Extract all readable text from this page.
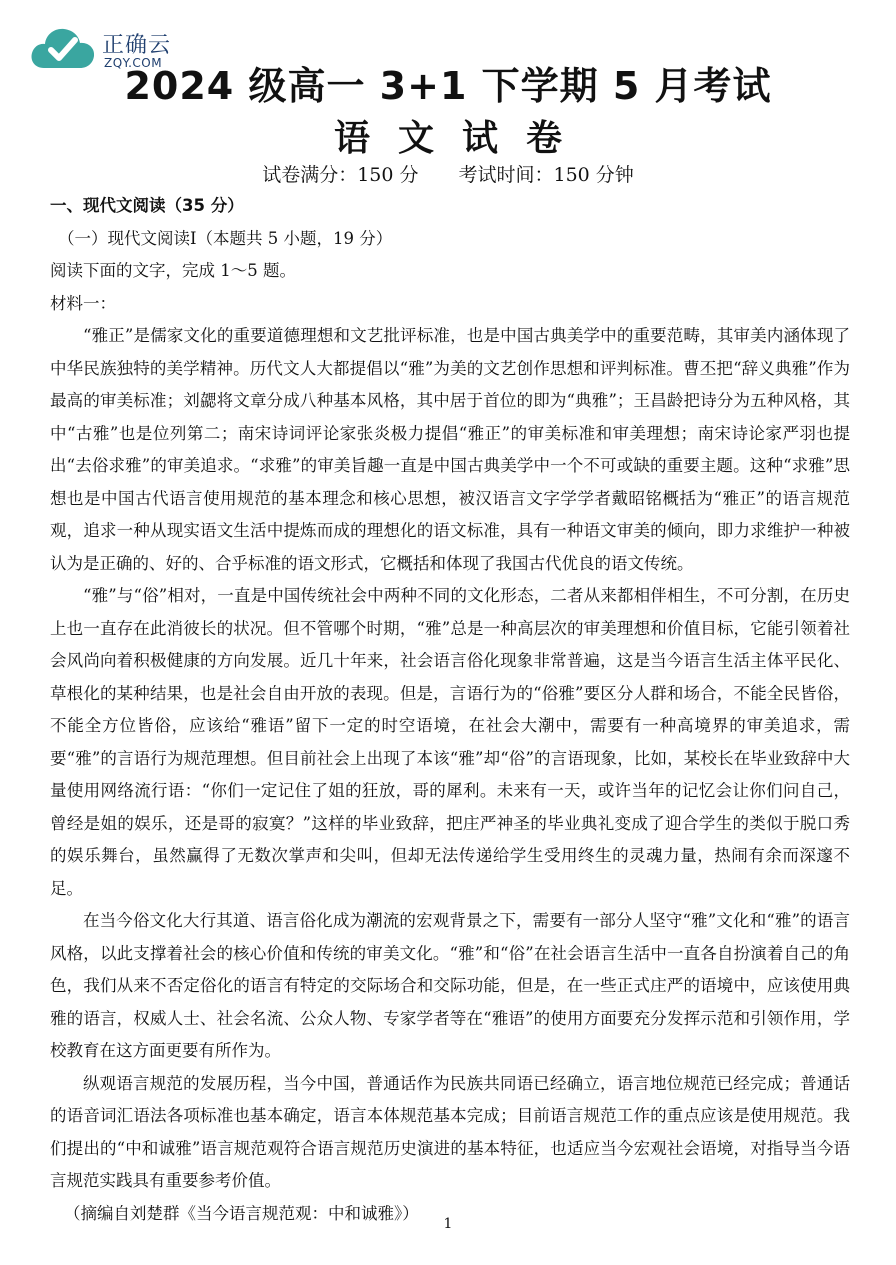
正确云
ZQY.COM
2024 级高一 3+1 下学期 5 月考试
语文试卷
试卷满分：150 分 考试时间：150 分钟

一、现代文阅读（35 分）

（一）现代文阅读Ⅰ（本题共 5 小题，19 分）

阅读下面的文字，完成 1～5 题。

材料一：

“雅正”是儒家文化的重要道德理想和文艺批评标准，也是中国古典美学中的重要范畴，其审美内涵体现了中华民族独特的美学精神。历代文人大都提倡以“雅”为美的文艺创作思想和评判标准。曹丕把“辞义典雅”作为最高的审美标准；刘勰将文章分成八种基本风格，其中居于首位的即为“典雅”；王昌龄把诗分为五种风格，其中“古雅”也是位列第二；南宋诗词评论家张炎极力提倡“雅正”的审美标准和审美理想；南宋诗论家严羽也提出“去俗求雅”的审美追求。“求雅”的审美旨趣一直是中国古典美学中一个不可或缺的重要主题。这种“求雅”思想也是中国古代语言使用规范的基本理念和核心思想，被汉语言文字学学者戴昭铭概括为“雅正”的语言规范观，追求一种从现实语文生活中提炼而成的理想化的语文标准，具有一种语文审美的倾向，即力求维护一种被认为是正确的、好的、合乎标准的语文形式，它概括和体现了我国古代优良的语文传统。

“雅”与“俗”相对，一直是中国传统社会中两种不同的文化形态，二者从来都相伴相生，不可分割，在历史上也一直存在此消彼长的状况。但不管哪个时期，“雅”总是一种高层次的审美理想和价值目标，它能引领着社会风尚向着积极健康的方向发展。近几十年来，社会语言俗化现象非常普遍，这是当今语言生活主体平民化、草根化的某种结果，也是社会自由开放的表现。但是，言语行为的“俗雅”要区分人群和场合，不能全民皆俗，不能全方位皆俗，应该给“雅语”留下一定的时空语境，在社会大潮中，需要有一种高境界的审美追求，需要“雅”的言语行为规范理想。但目前社会上出现了本该“雅”却“俗”的言语现象，比如，某校长在毕业致辞中大量使用网络流行语：“你们一定记住了姐的狂放，哥的犀利。未来有一天，或许当年的记忆会让你们问自己，曾经是姐的娱乐，还是哥的寂寞？”这样的毕业致辞，把庄严神圣的毕业典礼变成了迎合学生的类似于脱口秀的娱乐舞台，虽然赢得了无数次掌声和尖叫，但却无法传递给学生受用终生的灵魂力量，热闹有余而深邃不足。

在当今俗文化大行其道、语言俗化成为潮流的宏观背景之下，需要有一部分人坚守“雅”文化和“雅”的语言风格，以此支撑着社会的核心价值和传统的审美文化。“雅”和“俗”在社会语言生活中一直各自扮演着自己的角色，我们从来不否定俗化的语言有特定的交际场合和交际功能，但是，在一些正式庄严的语境中，应该使用典雅的语言，权威人士、社会名流、公众人物、专家学者等在“雅语”的使用方面要充分发挥示范和引领作用，学校教育在这方面更要有所作为。

纵观语言规范的发展历程，当今中国，普通话作为民族共同语已经确立，语言地位规范已经完成；普通话的语音词汇语法各项标准也基本确定，语言本体规范基本完成；目前语言规范工作的重点应该是使用规范。我们提出的“中和诚雅”语言规范观符合语言规范历史演进的基本特征，也适应当今宏观社会语境，对指导当今语言规范实践具有重要参考价值。

（摘编自刘楚群《当今语言规范观：中和诚雅》）

1
